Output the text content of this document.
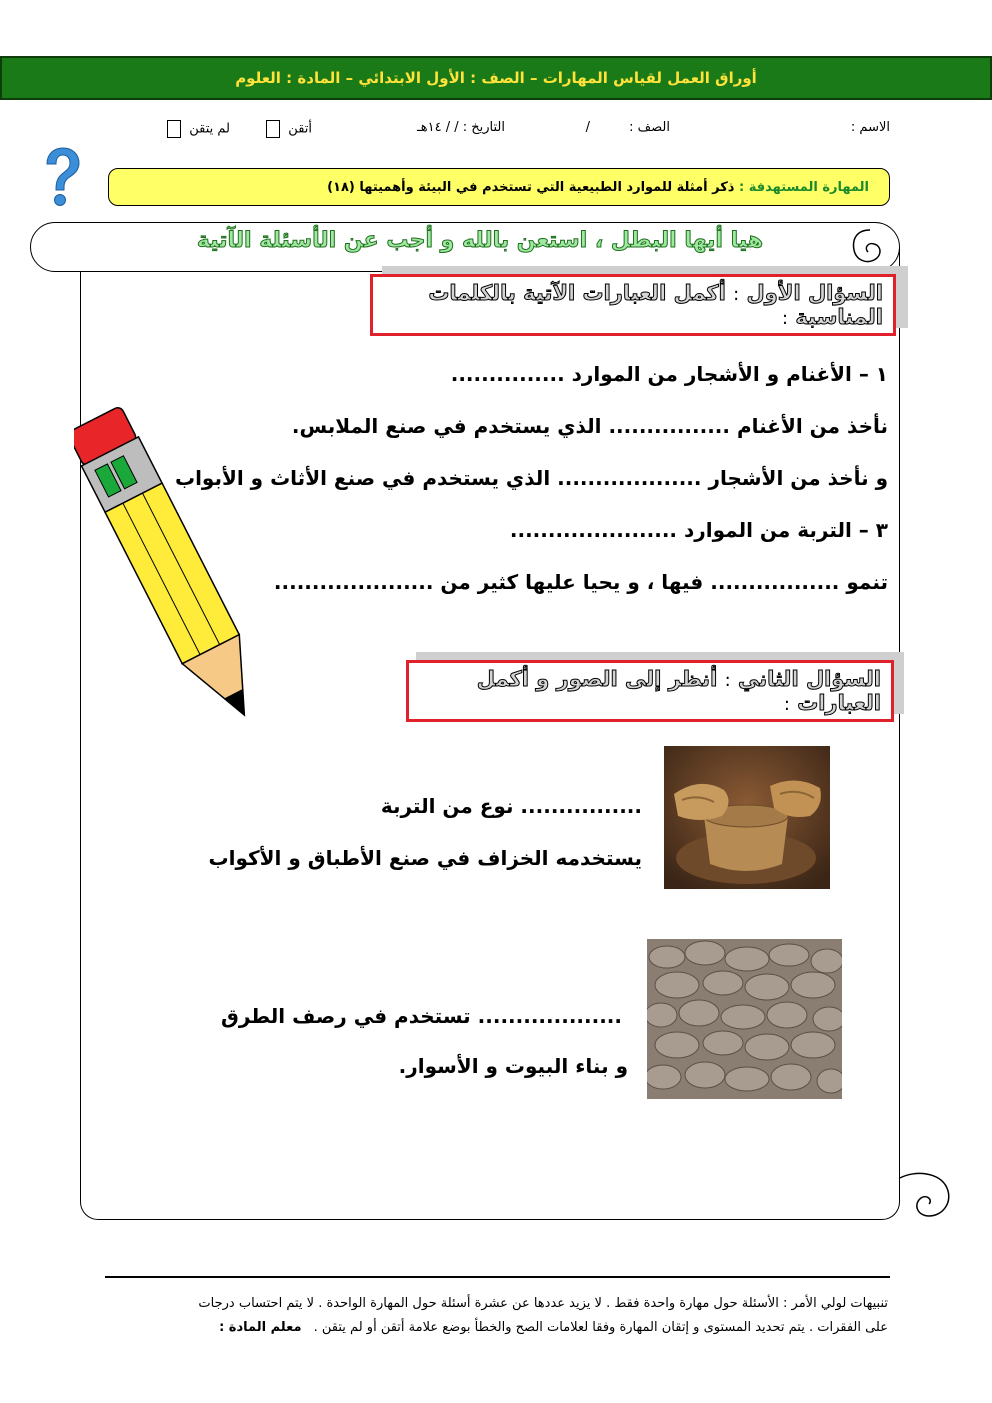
أوراق العمل لقياس المهارات – الصف : الأول الابتدائي – المادة : العلوم
الاسم :
الصف :
/
التاريخ : / / ١٤هـ
أتقن
لم يتقن
المهارة المستهدفة : ذكر أمثلة للموارد الطبيعية التي تستخدم في البيئة وأهميتها (١٨)
هيا أيها البطل ، استعن بالله و أجب عن الأسئلة الآتية
السؤال الأول : أكمل العبارات الآتية بالكلمات المناسبة :
١ – الأغنام و الأشجار من الموارد ...............
نأخذ من الأغنام ................ الذي يستخدم في صنع الملابس.
و نأخذ من الأشجار ................... الذي يستخدم في صنع الأثاث و الأبواب
٣ – التربة من الموارد ......................
تنمو ................. فيها ، و يحيا عليها كثير من .....................
السؤال الثاني : أنظر إلى الصور و أكمل العبارات :
................ نوع من التربة
يستخدمه الخزاف في صنع الأطباق و الأكواب
................... تستخدم في رصف الطرق
و بناء البيوت و الأسوار.
تنبيهات لولي الأمر : الأسئلة حول مهارة واحدة فقط . لا يزيد عددها عن عشرة أسئلة حول المهارة الواحدة . لا يتم احتساب درجات
على الفقرات . يتم تحديد المستوى و إتقان المهارة وفقا لعلامات الصح والخطأ بوضع علامة أتقن أو لم يتقن . معلم المادة :
